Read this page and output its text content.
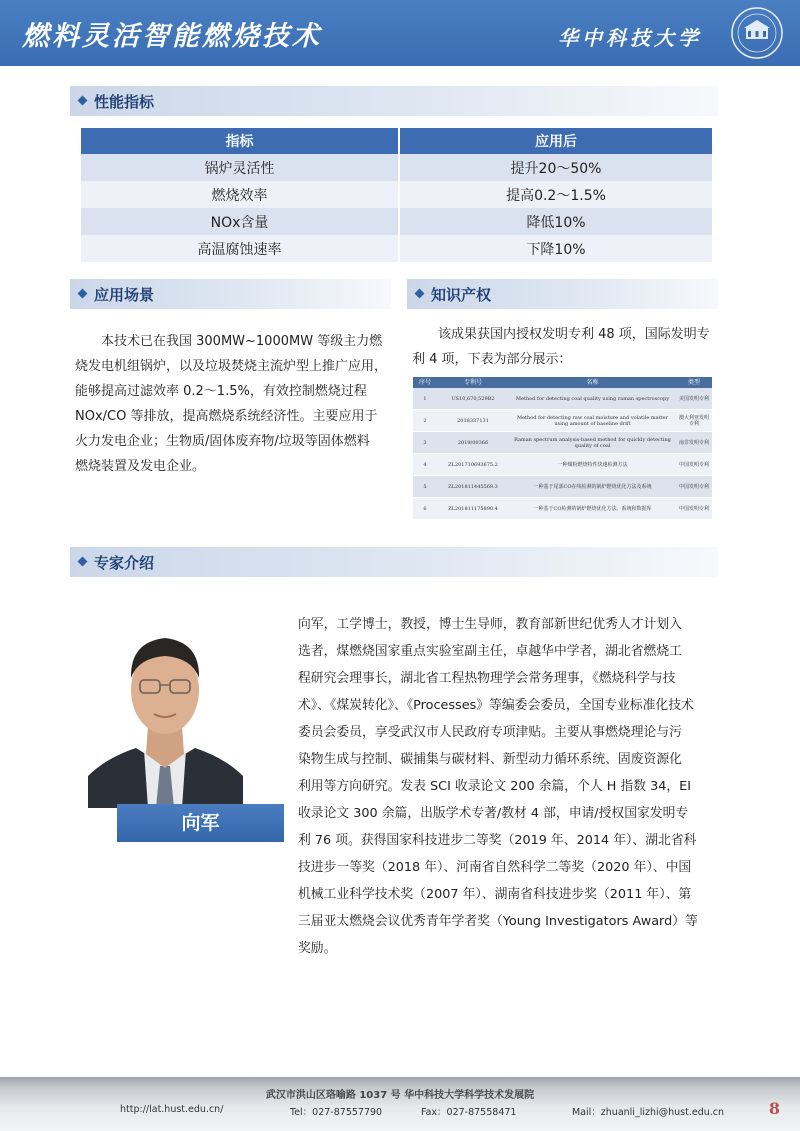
燃料灵活智能燃烧技术	华中科技大学
性能指标
指标	应用后
锅炉灵活性	提升20～50%
燃烧效率	提高0.2～1.5%
NOx含量	降低10%
高温腐蚀速率	下降10%
应用场景
本技术已在我国 300MW~1000MW 等级主力燃
烧发电机组锅炉，以及垃圾焚烧主流炉型上推广应用，
能够提高过滤效率 0.2～1.5%，有效控制燃烧过程
NOx/CO 等排放，提高燃烧系统经济性。主要应用于
火力发电企业；生物质/固体废弃物/垃圾等固体燃料
燃烧装置及发电企业。
知识产权
该成果获国内授权发明专利 48 项，国际发明专
利 4 项，下表为部分展示：
序号	专利号	名称	类型
1	US10,670,529B2	Method for detecting coal quality using raman spectroscopy	美国发明专利
2	2018337131	Method for detecting raw coal moisture and volatile matter using amount of baseline drift	澳大利亚发明专利
3	2019/00366	Raman spectrum analysis-based method for quickly detecting quality of coal	南非发明专利
4	ZL201710693675.2	一种煤粉燃烧特性快速检测方法	中国发明专利
5	ZL201811445569.3	一种基于尾部CO在线检测的锅炉燃烧优化方法及系统	中国发明专利
6	ZL201811175890.4	一种基于CO检测的锅炉燃烧优化方法、系统和数据库	中国发明专利
专家介绍
向军
向军，工学博士，教授，博士生导师，教育部新世纪优秀人才计划入
选者，煤燃烧国家重点实验室副主任，卓越华中学者，湖北省燃烧工
程研究会理事长，湖北省工程热物理学会常务理事，《燃烧科学与技
术》、《煤炭转化》、《Processes》等编委会委员，全国专业标准化技术
委员会委员，享受武汉市人民政府专项津贴。主要从事燃烧理论与污
染物生成与控制、碳捕集与碳材料、新型动力循环系统、固废资源化
利用等方向研究。发表 SCI 收录论文 200 余篇，个人 H 指数 34，EI
收录论文 300 余篇，出版学术专著/教材 4 部，申请/授权国家发明专
利 76 项。获得国家科技进步二等奖（2019 年、2014 年）、湖北省科
技进步一等奖（2018 年）、河南省自然科学二等奖（2020 年）、中国
机械工业科学技术奖（2007 年）、湖南省科技进步奖（2011 年）、第
三届亚太燃烧会议优秀青年学者奖（Young Investigators Award）等
奖励。
武汉市洪山区珞喻路 1037 号 华中科技大学科学技术发展院
http://lat.hust.edu.cn/	Tel：027-87557790	Fax：027-87558471	Mail：zhuanli_lizhi@hust.edu.cn	8
